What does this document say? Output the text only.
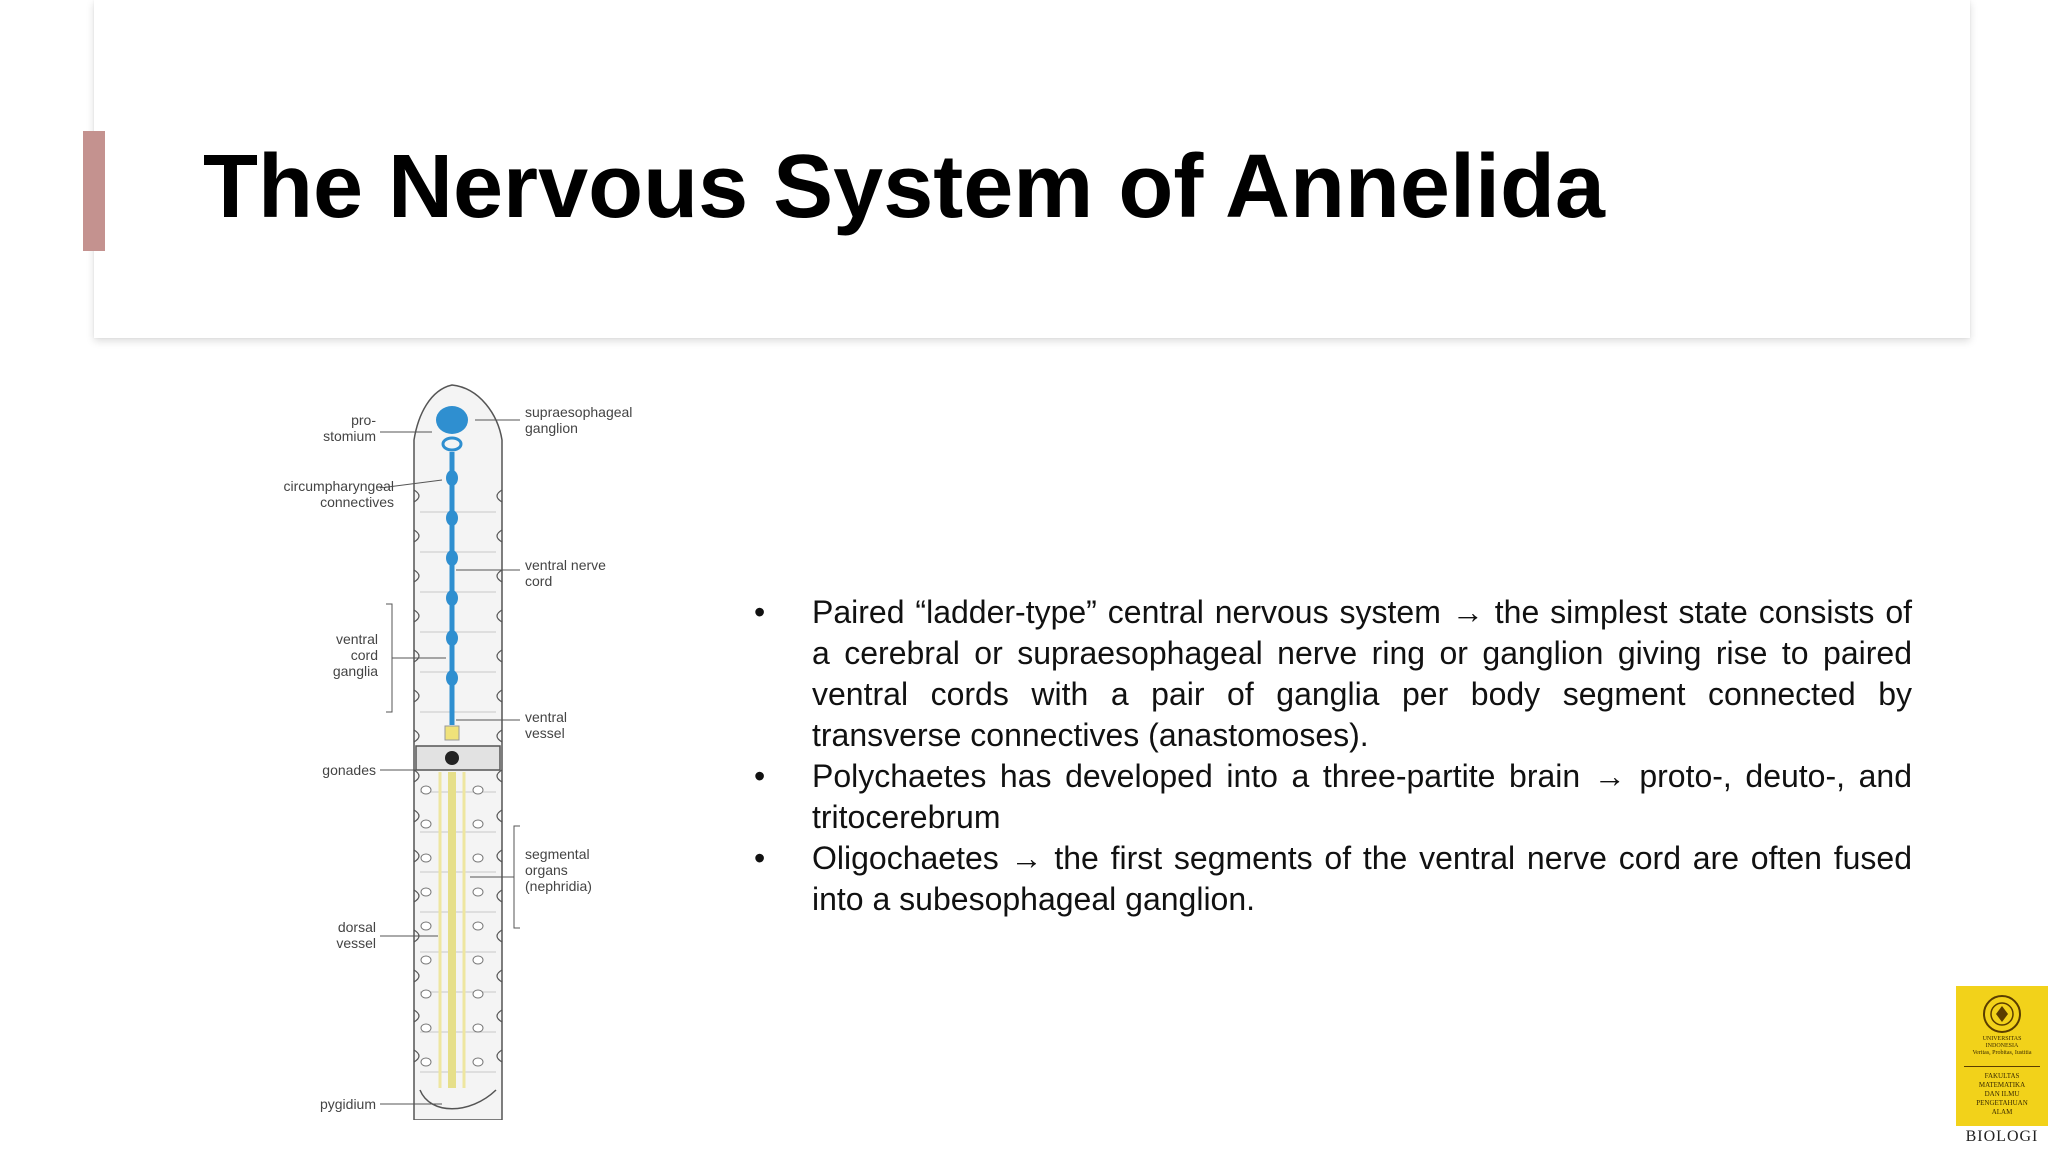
The Nervous System of Annelida
pro-stomium
supraesophageal ganglion
circumpharyngeal connectives
ventral nerve cord
ventral cord ganglia
ventral vessel
gonades
segmental organs (nephridia)
dorsal vessel
pygidium
• Paired “ladder-type” central nervous system → the simplest state consists of a cerebral or supraesophageal nerve ring or ganglion giving rise to paired ventral cords with a pair of ganglia per body segment connected by transverse connectives (anastomoses).
• Polychaetes has developed into a three-partite brain → proto-, deuto-, and tritocerebrum
• Oligochaetes → the first segments of the ventral nerve cord are often fused into a subesophageal ganglion.
UNIVERSITAS
INDONESIA
Veritas, Probitas, Iustitia
FAKULTAS
MATEMATIKA
DAN ILMU
PENGETAHUAN
ALAM
BIOLOGI
